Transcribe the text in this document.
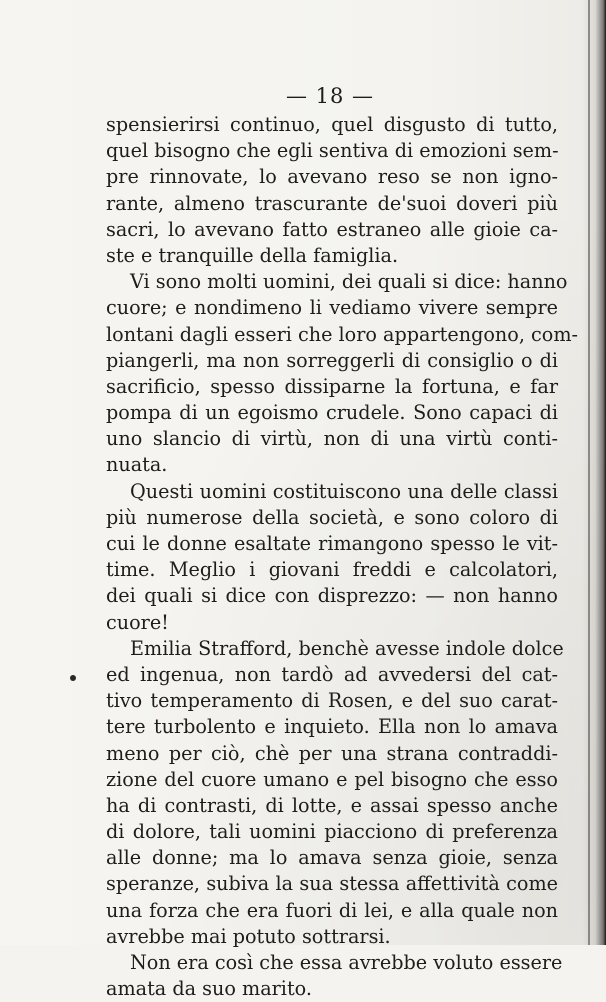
— 18 —
spensierirsi continuo, quel disgusto di tutto,
quel bisogno che egli sentiva di emozioni sem-
pre rinnovate, lo avevano reso se non igno-
rante, almeno trascurante de'suoi doveri più
sacri, lo avevano fatto estraneo alle gioie ca-
ste e tranquille della famiglia.
Vi sono molti uomini, dei quali si dice: hanno
cuore; e nondimeno li vediamo vivere sempre
lontani dagli esseri che loro appartengono, com-
piangerli, ma non sorreggerli di consiglio o di
sacrificio, spesso dissiparne la fortuna, e far
pompa di un egoismo crudele. Sono capaci di
uno slancio di virtù, non di una virtù conti-
nuata.
Questi uomini costituiscono una delle classi
più numerose della società, e sono coloro di
cui le donne esaltate rimangono spesso le vit-
time. Meglio i giovani freddi e calcolatori,
dei quali si dice con disprezzo: — non hanno
cuore!
Emilia Strafford, benchè avesse indole dolce
ed ingenua, non tardò ad avvedersi del cat-
tivo temperamento di Rosen, e del suo carat-
tere turbolento e inquieto. Ella non lo amava
meno per ciò, chè per una strana contraddi-
zione del cuore umano e pel bisogno che esso
ha di contrasti, di lotte, e assai spesso anche
di dolore, tali uomini piacciono di preferenza
alle donne; ma lo amava senza gioie, senza
speranze, subiva la sua stessa affettività come
una forza che era fuori di lei, e alla quale non
avrebbe mai potuto sottrarsi.
Non era così che essa avrebbe voluto essere
amata da suo marito.
